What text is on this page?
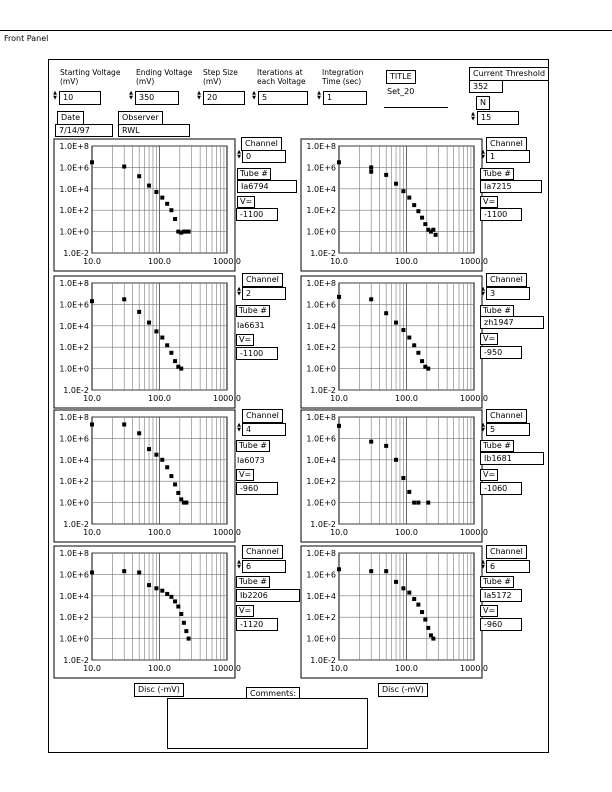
Front Panel
Starting Voltage
(mV)
▲
▼ 10
Ending Voltage
(mV)
▲
▼ 350
Step Size
(mV)
▲
▼ 20
Iterations at
each Voltage
▲
▼ 5
Integration
Time (sec)
▲
▼ 1
TITLE
Set_20
Current Threshold
352
N
▲
▼ 15
Date
7/14/97
Observer
RWL
1.0E-2
1.0E+0
1.0E+2
1.0E+4
1.0E+6
1.0E+8
10.0	100.0	1000.0
1.0E-2
1.0E+0
1.0E+2
1.0E+4
1.0E+6
1.0E+8
10.0	100.0	1000.0
1.0E-2
1.0E+0
1.0E+2
1.0E+4
1.0E+6
1.0E+8
10.0	100.0	1000.0
1.0E-2
1.0E+0
1.0E+2
1.0E+4
1.0E+6
1.0E+8
10.0	100.0	1000.0
1.0E-2
1.0E+0
1.0E+2
1.0E+4
1.0E+6
1.0E+8
10.0	100.0	1000.0
1.0E-2
1.0E+0
1.0E+2
1.0E+4
1.0E+6
1.0E+8
10.0	100.0	1000.0
1.0E-2
1.0E+0
1.0E+2
1.0E+4
1.0E+6
1.0E+8
10.0	100.0	1000.0
1.0E-2
1.0E+0
1.0E+2
1.0E+4
1.0E+6
1.0E+8
10.0	100.0	1000.0
Channel
▲
▼ 0
Tube #
Ia6794
V=
-1100
Channel
▲
▼ 1
Tube #
Ia7215
V=
-1100
Channel
▲
▼ 2
Tube #
Ia6631
V=
-1100
Channel
▲
▼ 3
Tube #
zh1947
V=
-950
Channel
▲
▼ 4
Tube #
Ia6073
V=
-960
Channel
▲
▼ 5
Tube #
Ib1681
V=
-1060
Channel
▲
▼ 6
Tube #
Ib2206
V=
-1120
Channel
▲
▼ 6
Tube #
Ia5172
V=
-960
Disc (-mV)	Disc (-mV)
Comments:
